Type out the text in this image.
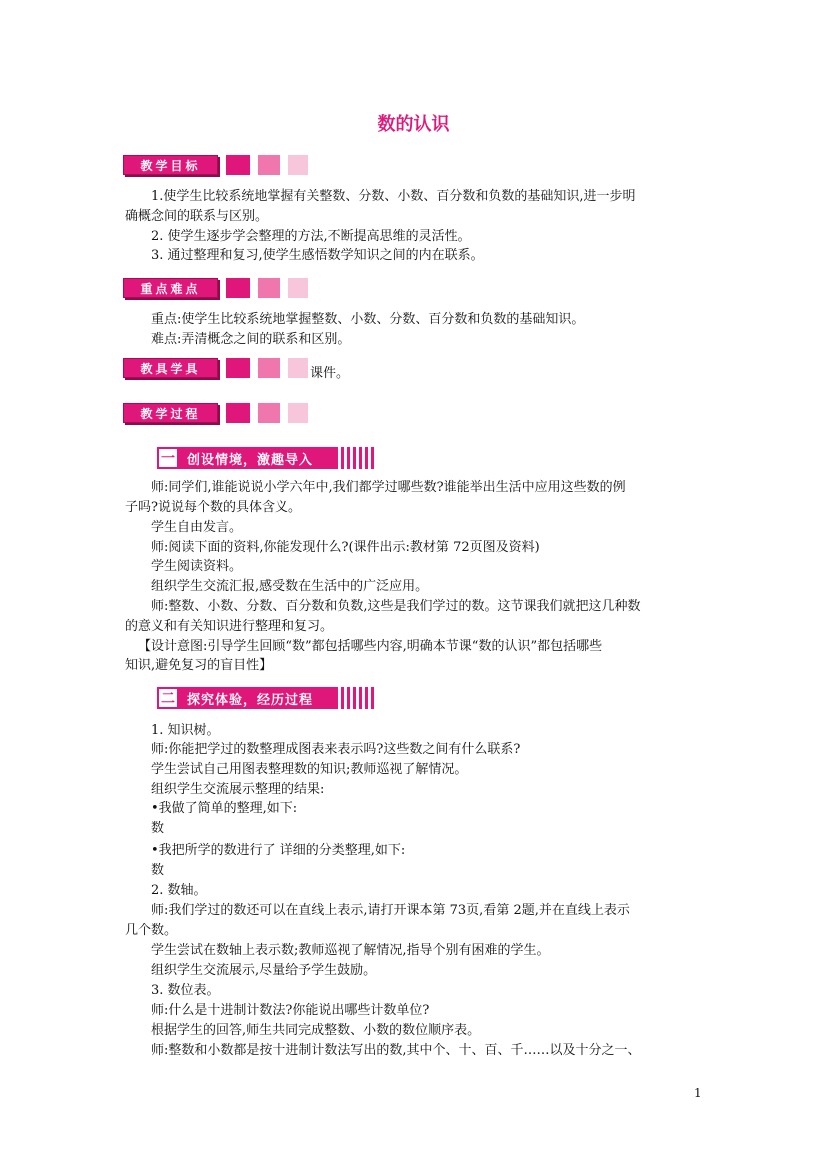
数的认识
教学目标
1.使学生比较系统地掌握有关整数、分数、小数、百分数和负数的基础知识,进一步明
确概念间的联系与区别。
2. 使学生逐步学会整理的方法,不断提高思维的灵活性。
3. 通过整理和复习,使学生感悟数学知识之间的内在联系。
重点难点
重点:使学生比较系统地掌握整数、小数、分数、百分数和负数的基础知识。
难点:弄清概念之间的联系和区别。
教具学具	课件。
教学过程
一 创设情境，激趣导入
师:同学们,谁能说说小学六年中,我们都学过哪些数?谁能举出生活中应用这些数的例
子吗?说说每个数的具体含义。
学生自由发言。
师:阅读下面的资料,你能发现什么?(课件出示:教材第 72页图及资料)
学生阅读资料。
组织学生交流汇报,感受数在生活中的广泛应用。
师:整数、小数、分数、百分数和负数,这些是我们学过的数。这节课我们就把这几种数
的意义和有关知识进行整理和复习。
【设计意图:引导学生回顾“数”都包括哪些内容,明确本节课“数的认识”都包括哪些
知识,避免复习的盲目性】
二 探究体验，经历过程
1. 知识树。
师:你能把学过的数整理成图表来表示吗?这些数之间有什么联系?
学生尝试自己用图表整理数的知识;教师巡视了解情况。
组织学生交流展示整理的结果:
•我做了简单的整理,如下:
数
•我把所学的数进行了 详细的分类整理,如下:
数
2. 数轴。
师:我们学过的数还可以在直线上表示,请打开课本第 73页,看第 2题,并在直线上表示
几个数。
学生尝试在数轴上表示数;教师巡视了解情况,指导个别有困难的学生。
组织学生交流展示,尽量给予学生鼓励。
3. 数位表。
师:什么是十进制计数法?你能说出哪些计数单位?
根据学生的回答,师生共同完成整数、小数的数位顺序表。
师:整数和小数都是按十进制计数法写出的数,其中个、十、百、千……以及十分之一、
1
